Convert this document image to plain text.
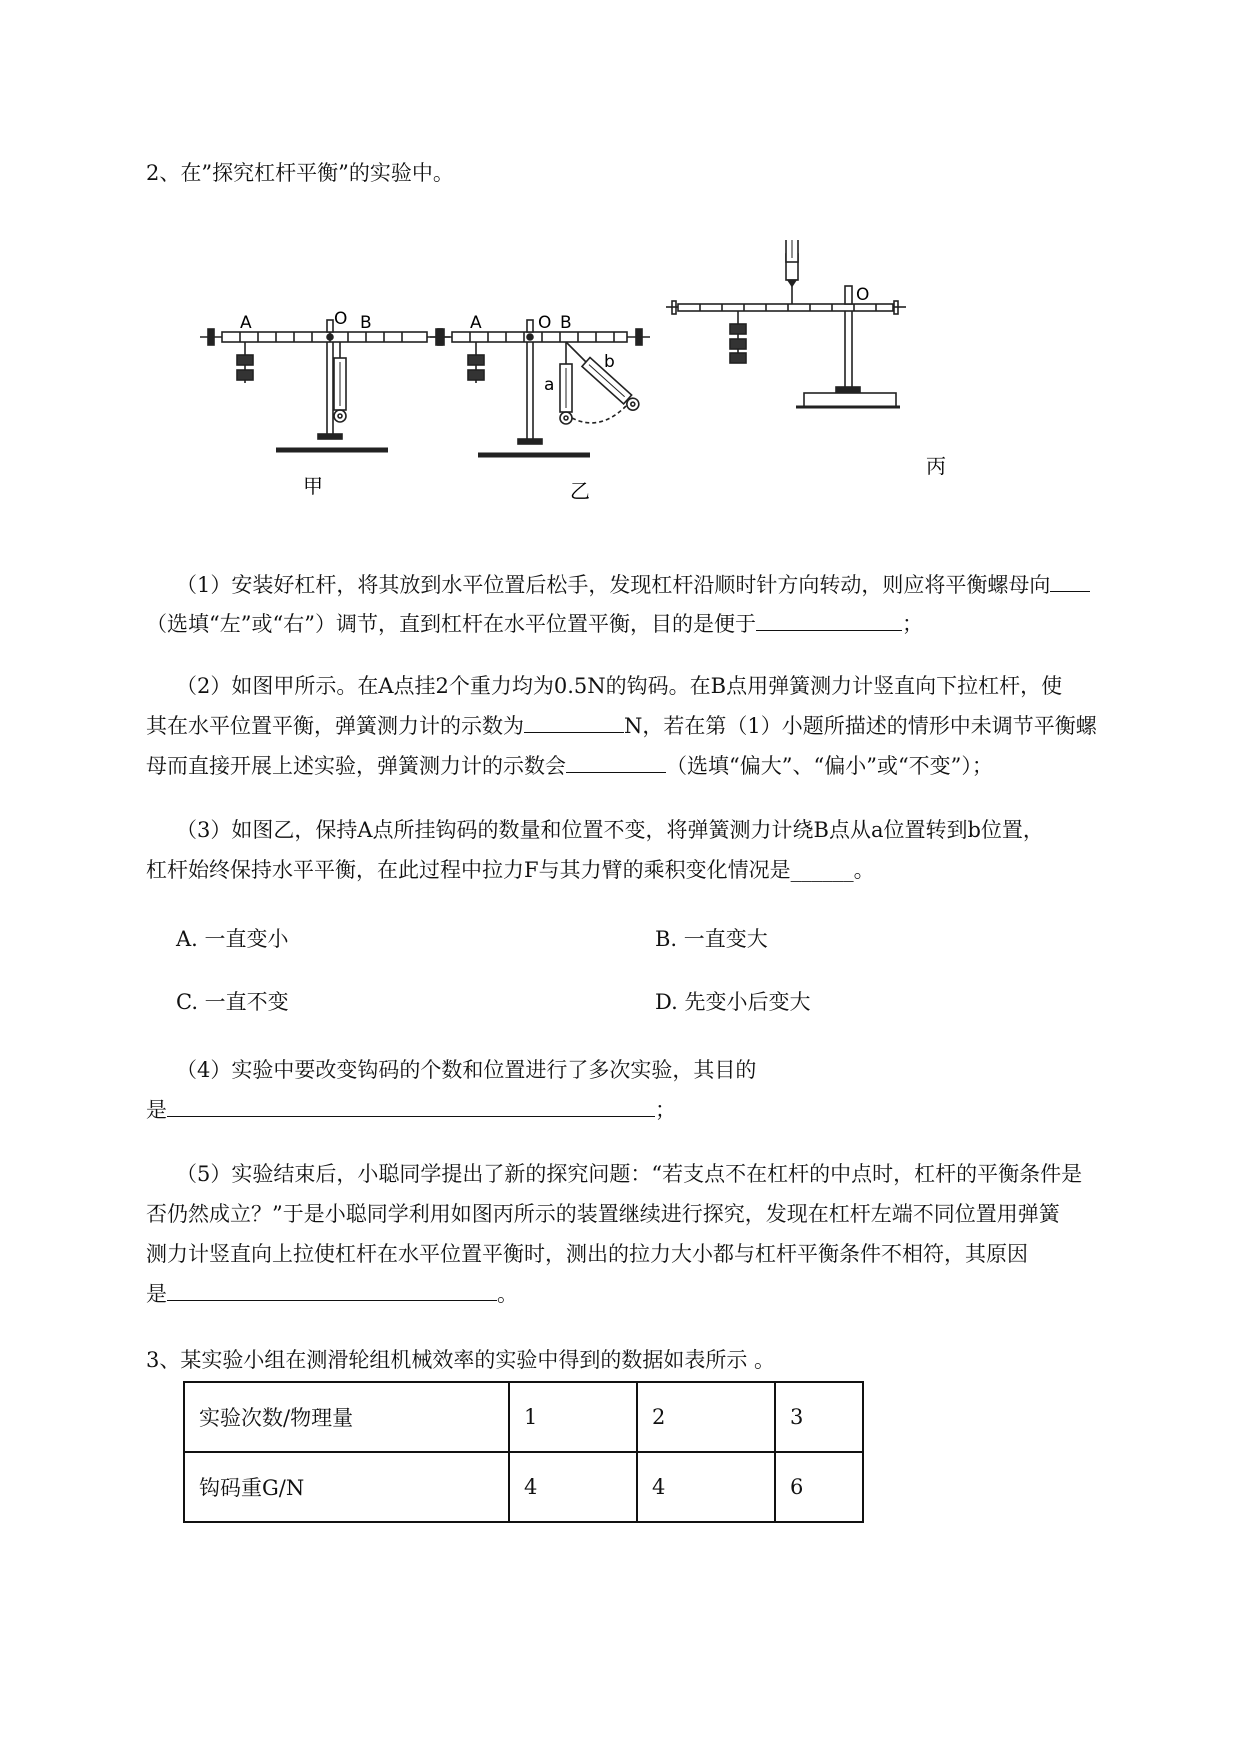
2、在”探究杠杆平衡”的实验中。
A	O B	A	O B
a
b
O
甲	乙
丙
（1）安装好杠杆，将其放到水平位置后松手，发现杠杆沿顺时针方向转动，则应将平衡螺母向
（选填“左”或“右”）调节，直到杠杆在水平位置平衡，目的是便于	；
（2）如图甲所示。在A点挂2个重力均为0.5N的钩码。在B点用弹簧测力计竖直向下拉杠杆，使
其在水平位置平衡，弹簧测力计的示数为	N，若在第（1）小题所描述的情形中未调节平衡螺
母而直接开展上述实验，弹簧测力计的示数会	（选填“偏大”、“偏小”或“不变”）；
（3）如图乙，保持A点所挂钩码的数量和位置不变，将弹簧测力计绕B点从a位置转到b位置，
杠杆始终保持水平平衡，在此过程中拉力F与其力臂的乘积变化情况是______。
A. 一直变小	B. 一直变大
C. 一直不变	D. 先变小后变大
（4）实验中要改变钩码的个数和位置进行了多次实验，其目的
是	；
（5）实验结束后，小聪同学提出了新的探究问题：“若支点不在杠杆的中点时，杠杆的平衡条件是
否仍然成立？”于是小聪同学利用如图丙所示的装置继续进行探究，发现在杠杆左端不同位置用弹簧
测力计竖直向上拉使杠杆在水平位置平衡时，测出的拉力大小都与杠杆平衡条件不相符，其原因
是	。
3、某实验小组在测滑轮组机械效率的实验中得到的数据如表所示 。
实验次数/物理量	1	2	3
钩码重G/N	4	4	6
